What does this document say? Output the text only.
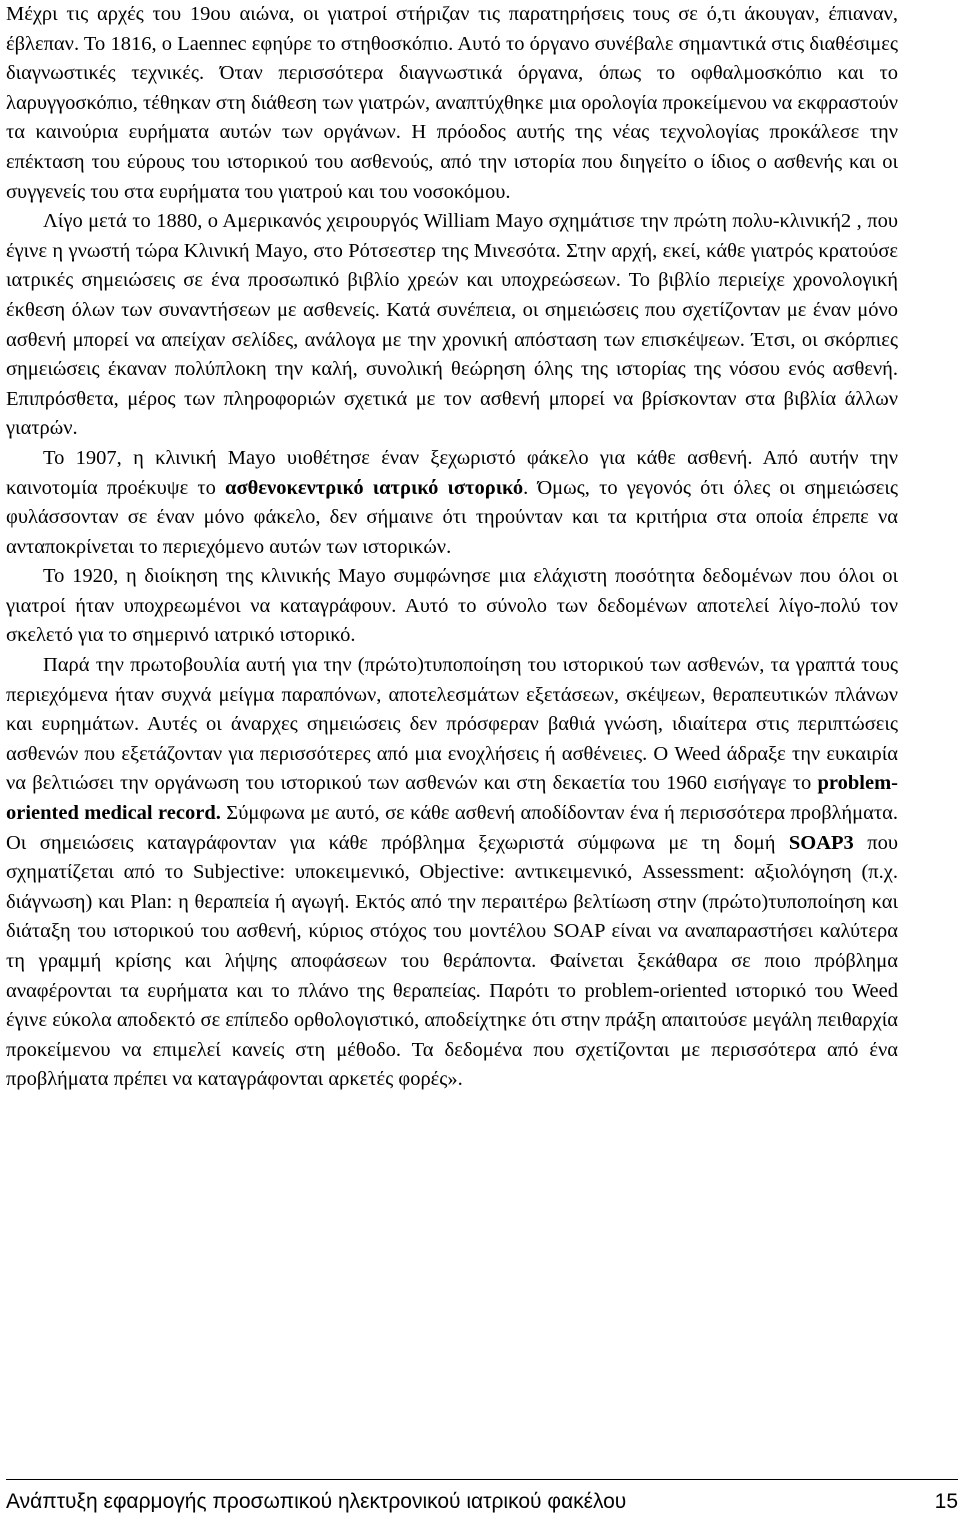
Μέχρι τις αρχές του 19ου αιώνα, οι γιατροί στήριζαν τις παρατηρήσεις τους σε ό,τι άκουγαν, έπιαναν, έβλεπαν. Το 1816, ο Laennec εφηύρε το στηθοσκόπιο. Αυτό το όργανο συνέβαλε σημαντικά στις διαθέσιμες διαγνωστικές τεχνικές. Όταν περισσότερα διαγνωστικά όργανα, όπως το οφθαλμοσκόπιο και το λαρυγγοσκόπιο, τέθηκαν στη διάθεση των γιατρών, αναπτύχθηκε μια ορολογία προκείμενου να εκφραστούν τα καινούρια ευρήματα αυτών των οργάνων. Η πρόοδος αυτής της νέας τεχνολογίας προκάλεσε την επέκταση του εύρους του ιστορικού του ασθενούς, από την ιστορία που διηγείτο ο ίδιος ο ασθενής και οι συγγενείς του στα ευρήματα του γιατρού και του νοσοκόμου.

Λίγο μετά το 1880, ο Αμερικανός χειρουργός William Mayo σχημάτισε την πρώτη πολυ-κλινική2 , που έγινε η γνωστή τώρα Κλινική Mayo, στο Ρότσεστερ της Μινεσότα. Στην αρχή, εκεί, κάθε γιατρός κρατούσε ιατρικές σημειώσεις σε ένα προσωπικό βιβλίο χρεών και υποχρεώσεων. Το βιβλίο περιείχε χρονολογική έκθεση όλων των συναντήσεων με ασθενείς. Κατά συνέπεια, οι σημειώσεις που σχετίζονταν με έναν μόνο ασθενή μπορεί να απείχαν σελίδες, ανάλογα με την χρονική απόσταση των επισκέψεων. Έτσι, οι σκόρπιες σημειώσεις έκαναν πολύπλοκη την καλή, συνολική θεώρηση όλης της ιστορίας της νόσου ενός ασθενή. Επιπρόσθετα, μέρος των πληροφοριών σχετικά με τον ασθενή μπορεί να βρίσκονταν στα βιβλία άλλων γιατρών.

Το 1907, η κλινική Mayo υιοθέτησε έναν ξεχωριστό φάκελο για κάθε ασθενή. Από αυτήν την καινοτομία προέκυψε το ασθενοκεντρικό ιατρικό ιστορικό. Όμως, το γεγονός ότι όλες οι σημειώσεις φυλάσσονταν σε έναν μόνο φάκελο, δεν σήμαινε ότι τηρούνταν και τα κριτήρια στα οποία έπρεπε να ανταποκρίνεται το περιεχόμενο αυτών των ιστορικών.

Το 1920, η διοίκηση της κλινικής Mayo συμφώνησε μια ελάχιστη ποσότητα δεδομένων που όλοι οι γιατροί ήταν υποχρεωμένοι να καταγράφουν. Αυτό το σύνολο των δεδομένων αποτελεί λίγο-πολύ τον σκελετό για το σημερινό ιατρικό ιστορικό.

Παρά την πρωτοβουλία αυτή για την (πρώτο)τυποποίηση του ιστορικού των ασθενών, τα γραπτά τους περιεχόμενα ήταν συχνά μείγμα παραπόνων, αποτελεσμάτων εξετάσεων, σκέψεων, θεραπευτικών πλάνων και ευρημάτων. Αυτές οι άναρχες σημειώσεις δεν πρόσφεραν βαθιά γνώση, ιδιαίτερα στις περιπτώσεις ασθενών που εξετάζονταν για περισσότερες από μια ενοχλήσεις ή ασθένειες. Ο Weed άδραξε την ευκαιρία να βελτιώσει την οργάνωση του ιστορικού των ασθενών και στη δεκαετία του 1960 εισήγαγε το problem-oriented medical record. Σύμφωνα με αυτό, σε κάθε ασθενή αποδίδονταν ένα ή περισσότερα προβλήματα. Οι σημειώσεις καταγράφονταν για κάθε πρόβλημα ξεχωριστά σύμφωνα με τη δομή SOAP3 που σχηματίζεται από το Subjective: υποκειμενικό, Objective: αντικειμενικό, Assessment: αξιολόγηση (π.χ. διάγνωση) και Plan: η θεραπεία ή αγωγή. Εκτός από την περαιτέρω βελτίωση στην (πρώτο)τυποποίηση και διάταξη του ιστορικού του ασθενή, κύριος στόχος του μοντέλου SOAP είναι να αναπαραστήσει καλύτερα τη γραμμή κρίσης και λήψης αποφάσεων του θεράποντα. Φαίνεται ξεκάθαρα σε ποιο πρόβλημα αναφέρονται τα ευρήματα και το πλάνο της θεραπείας. Παρότι το problem-oriented ιστορικό του Weed έγινε εύκολα αποδεκτό σε επίπεδο ορθολογιστικό, αποδείχτηκε ότι στην πράξη απαιτούσε μεγάλη πειθαρχία προκείμενου να επιμελεί κανείς στη μέθοδο. Τα δεδομένα που σχετίζονται με περισσότερα από ένα προβλήματα πρέπει να καταγράφονται αρκετές φορές».

Ανάπτυξη εφαρμογής προσωπικού ηλεκτρονικού ιατρικού φακέλου	15
